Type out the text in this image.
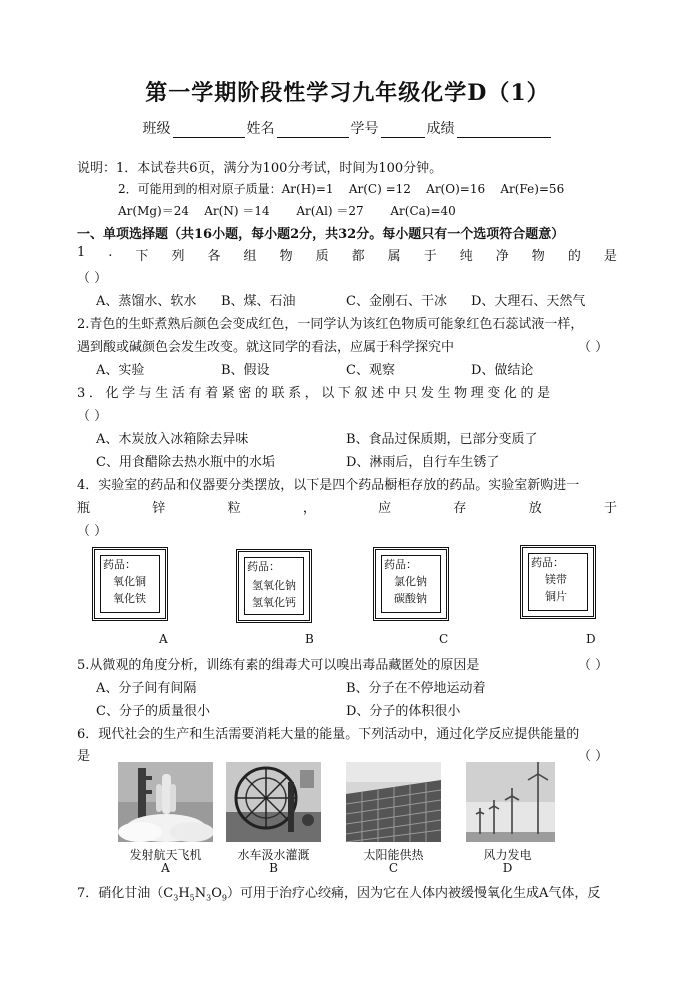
第一学期阶段性学习九年级化学D（1）
班级	姓名	学号	成绩
说明：1．本试卷共6页，满分为100分考试，时间为100分钟。
2．可能用到的相对原子质量：Ar(H)=1    Ar(C) =12    Ar(O)=16    Ar(Fe)=56
Ar(Mg)＝24    Ar(N) ＝14       Ar(Al) ＝27       Ar(Ca)=40
一、单项选择题（共16小题，每小题2分，共32分。每小题只有一个选项符合题意）
1 . 下 列 各 组 物 质 都 属 于 纯 净 物 的 是
（ ）
A、蒸馏水、软水 B、煤、石油	C、金刚石、干冰 D、大理石、天然气
2.青色的生虾煮熟后颜色会变成红色，一同学认为该红色物质可能象红色石蕊试液一样，
遇到酸或碱颜色会发生改变。就这同学的看法，应属于科学探究中	（ ）
A、实验	B、假设	C、观察	D、做结论
3．化学与生活有着紧密的联系，以下叙述中只发生物理变化的是
（ ）
A、木炭放入冰箱除去异味	B、食品过保质期，已部分变质了
C、用食醋除去热水瓶中的水垢	D、淋雨后，自行车生锈了
4．实验室的药品和仪器要分类摆放，以下是四个药品橱柜存放的药品。实验室新购进一
瓶	锌	粒	，	应	存	放	于
（ ）
药品：
氧化铜
氧化铁
药品：
氢氧化钠
氢氧化钙
药品：
氯化钠
碳酸钠
药品：
镁带
铜片
A	B	C	D
5.从微观的角度分析，训练有素的缉毒犬可以嗅出毒品藏匿处的原因是	（ ）
A、分子间有间隔	B、分子在不停地运动着
C、分子的质量很小	D、分子的体积很小
6．现代社会的生产和生活需要消耗大量的能量。下列活动中，通过化学反应提供能量的
是	（ ）
发射航天飞机	水车汲水灌溉	太阳能供热	风力发电
A	B	C	D
7．硝化甘油$(C_3H_5N_3O_9)$可用于治疗心绞痛，因为它在人体内被缓慢氧化生成A气体，反
